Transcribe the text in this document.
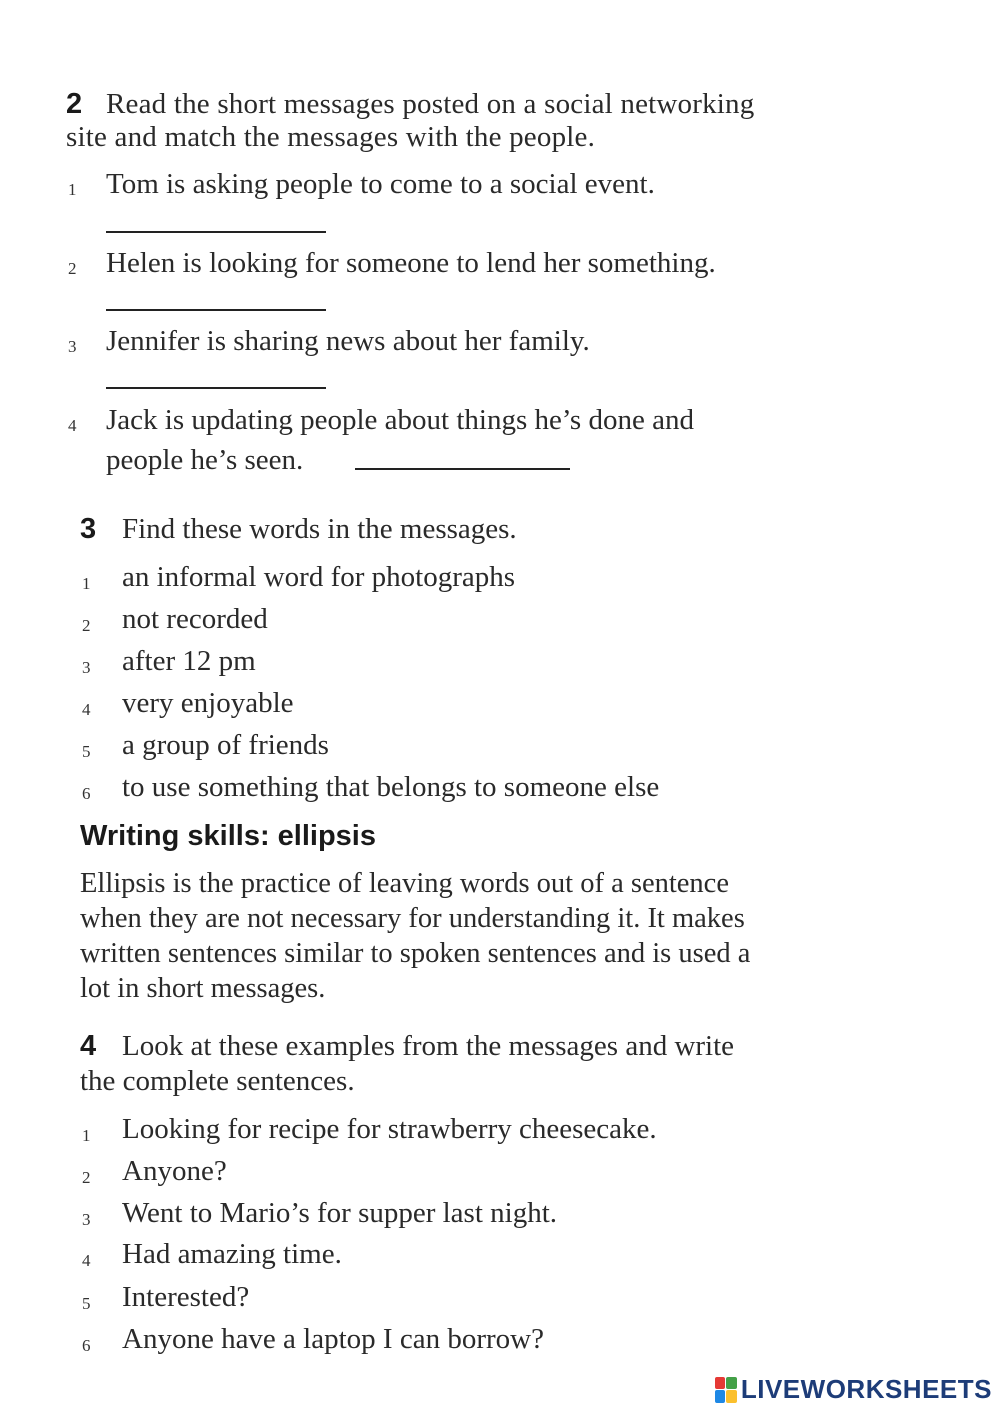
2 Read the short messages posted on a social networking
site and match the messages with the people.
1 Tom is asking people to come to a social event.
2 Helen is looking for someone to lend her something.
3 Jennifer is sharing news about her family.
4 Jack is updating people about things he’s done and
people he’s seen.
3 Find these words in the messages.
1 an informal word for photographs
2 not recorded
3 after 12 pm
4 very enjoyable
5 a group of friends
6 to use something that belongs to someone else
Writing skills: ellipsis
Ellipsis is the practice of leaving words out of a sentence
when they are not necessary for understanding it. It makes
written sentences similar to spoken sentences and is used a
lot in short messages.
4 Look at these examples from the messages and write
the complete sentences.
1 Looking for recipe for strawberry cheesecake.
2 Anyone?
3 Went to Mario’s for supper last night.
4 Had amazing time.
5 Interested?
6 Anyone have a laptop I can borrow?
LIVEWORKSHEETS
